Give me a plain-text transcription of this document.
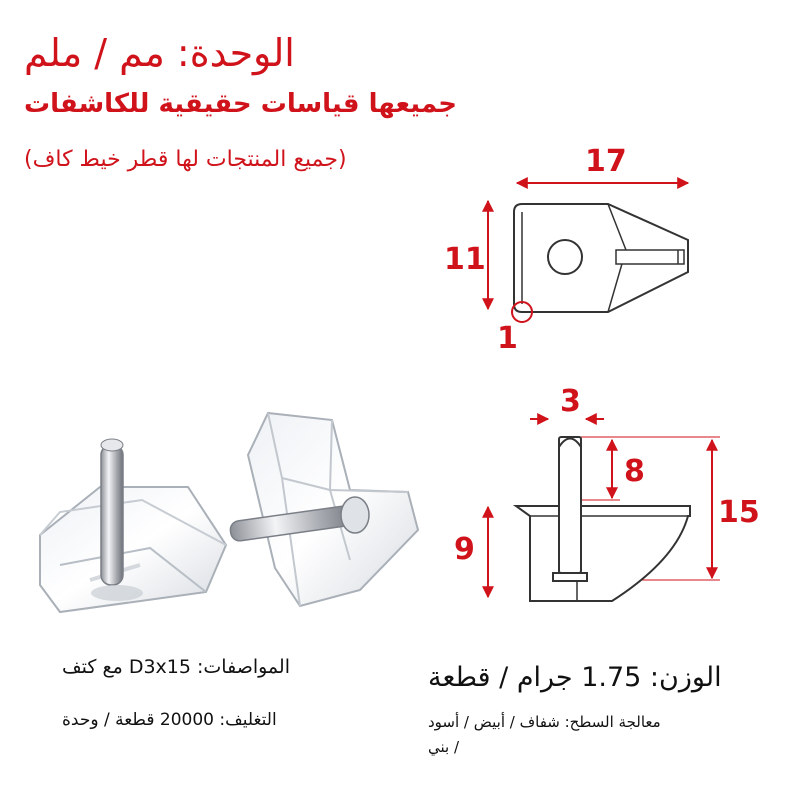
الوحدة: مم / ملم
جميعها قياسات حقيقية للكاشفات
(جميع المنتجات لها قطر خيط كاف)	17
11
1
3
8
15
9
المواصفات: D3x15 مع كتف
التغليف: 20000 قطعة / وحدة
الوزن: 1.75 جرام / قطعة
معالجة السطح: شفاف / أبيض / أسود
/ بني
